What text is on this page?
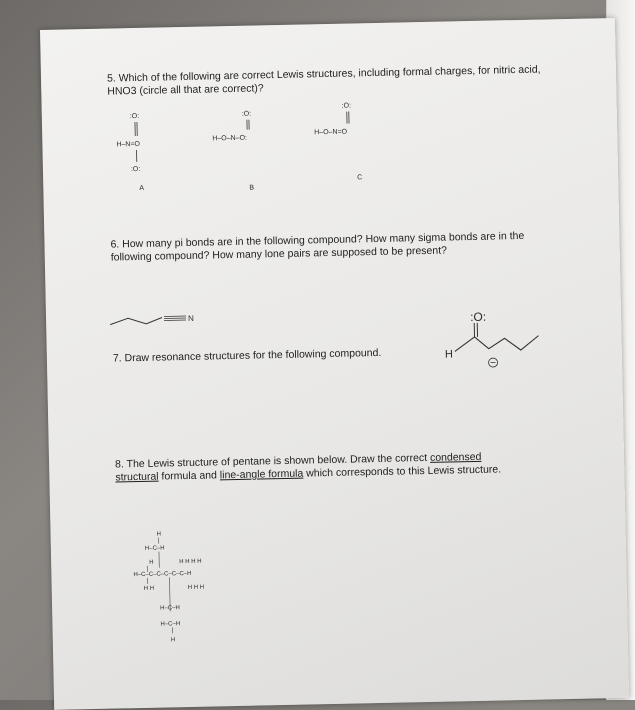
5. Which of the following are correct Lewis structures, including formal charges, for nitric acid, HNO3 (circle all that are correct)?
:O:
H–N=O
:O:
A
:O:
H–O–N–O:
B
:O:
H–O–N=O
C
6. How many pi bonds are in the following compound? How many sigma bonds are in the following compound? How many lone pairs are supposed to be present?
N
7. Draw resonance structures for the following compound.	H
:O:
8. The Lewis structure of pentane is shown below. Draw the correct condensed structural formula and line-angle formula which corresponds to this Lewis structure.
H
H–C–H
H	H H H H
H–C–C–C–C–C–C–H
H H	H H H
H–C–H
H–C–H
H
